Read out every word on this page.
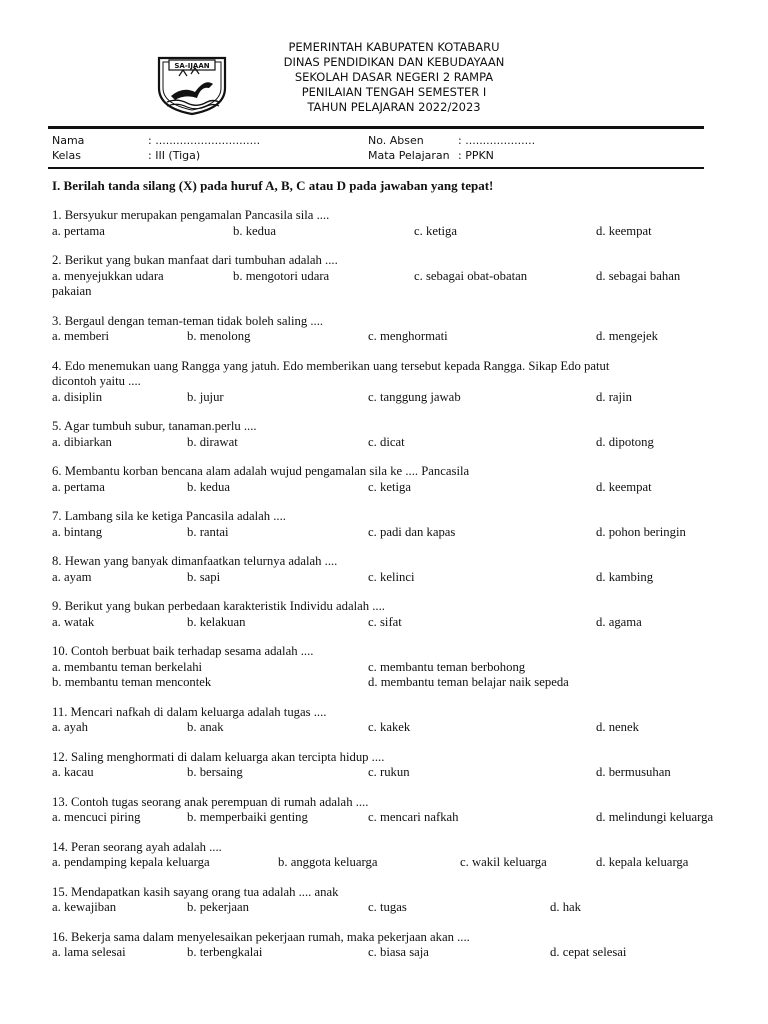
SA-IJAAN
PEMERINTAH KABUPATEN KOTABARU
DINAS PENDIDIKAN DAN KEBUDAYAAN
SEKOLAH DASAR NEGERI 2 RAMPA
PENILAIAN TENGAH SEMESTER I
TAHUN PELAJARAN 2022/2023
Nama	: ..............................	No. Absen	: ....................
Kelas	: III (Tiga)	Mata Pelajaran : PPKN
I. Berilah tanda silang (X) pada huruf A, B, C atau D pada jawaban yang tepat!
1. Bersyukur merupakan pengamalan Pancasila sila ....
a. pertama	b. kedua	c. ketiga	d. keempat
2. Berikut yang bukan manfaat dari tumbuhan adalah ....
a. menyejukkan udara	b. mengotori udara	c. sebagai obat-obatan	d. sebagai bahan
pakaian
3. Bergaul dengan teman-teman tidak boleh saling ....
a. memberi	b. menolong	c. menghormati	d. mengejek
4. Edo menemukan uang Rangga yang jatuh. Edo memberikan uang tersebut kepada Rangga. Sikap Edo patut
dicontoh yaitu ....
a. disiplin	b. jujur	c. tanggung jawab	d. rajin
5. Agar tumbuh subur, tanaman.perlu ....
a. dibiarkan	b. dirawat	c. dicat	d. dipotong
6. Membantu korban bencana alam adalah wujud pengamalan sila ke .... Pancasila
a. pertama	b. kedua	c. ketiga	d. keempat
7. Lambang sila ke ketiga Pancasila adalah ....
a. bintang	b. rantai	c. padi dan kapas	d. pohon beringin
8. Hewan yang banyak dimanfaatkan telurnya adalah ....
a. ayam	b. sapi	c. kelinci	d. kambing
9. Berikut yang bukan perbedaan karakteristik Individu adalah ....
a. watak	b. kelakuan	c. sifat	d. agama
10. Contoh berbuat baik terhadap sesama adalah ....
a. membantu teman berkelahi	c. membantu teman berbohong
b. membantu teman mencontek	d. membantu teman belajar naik sepeda
11. Mencari nafkah di dalam keluarga adalah tugas ....
a. ayah	b. anak	c. kakek	d. nenek
12. Saling menghormati di dalam keluarga akan tercipta hidup ....
a. kacau	b. bersaing	c. rukun	d. bermusuhan
13. Contoh tugas seorang anak perempuan di rumah adalah ....
a. mencuci piring	b. memperbaiki genting	c. mencari nafkah	d. melindungi keluarga
14. Peran seorang ayah adalah ....
a. pendamping kepala keluarga	b. anggota keluarga	c. wakil keluarga	d. kepala keluarga
15. Mendapatkan kasih sayang orang tua adalah .... anak
a. kewajiban	b. pekerjaan	c. tugas	d. hak
16. Bekerja sama dalam menyelesaikan pekerjaan rumah, maka pekerjaan akan ....
a. lama selesai	b. terbengkalai	c. biasa saja	d. cepat selesai
